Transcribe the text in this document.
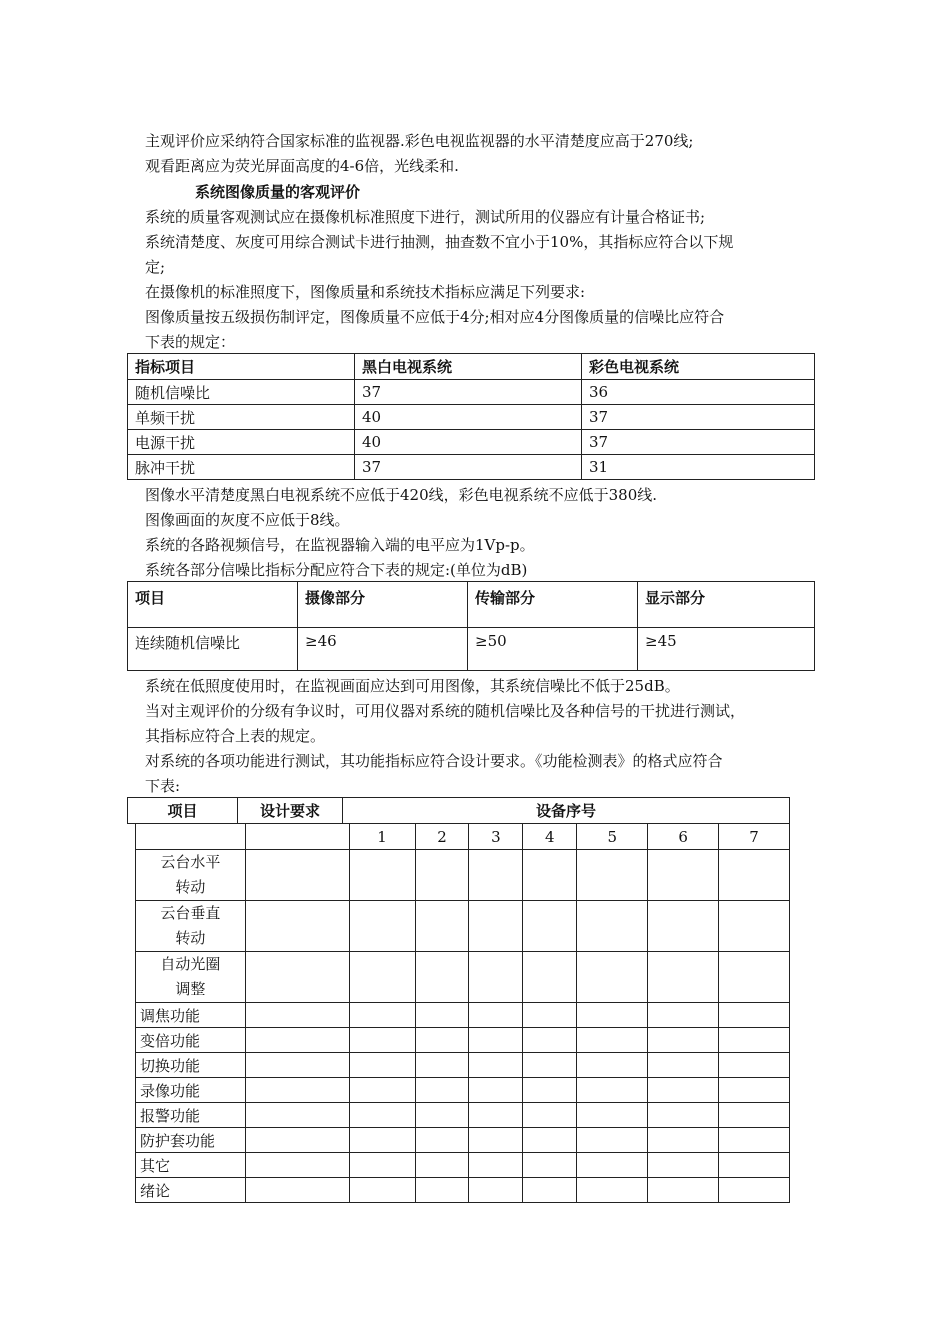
主观评价应采纳符合国家标准的监视器.彩色电视监视器的水平清楚度应高于270线;
观看距离应为荧光屏面高度的4-6倍，光线柔和.
系统图像质量的客观评价
系统的质量客观测试应在摄像机标准照度下进行，测试所用的仪器应有计量合格证书;
系统清楚度、灰度可用综合测试卡进行抽测，抽查数不宜小于10%，其指标应符合以下规
定;
在摄像机的标准照度下，图像质量和系统技术指标应满足下列要求:
图像质量按五级损伤制评定，图像质量不应低于4分;相对应4分图像质量的信噪比应符合
下表的规定：
指标项目	黑白电视系统	彩色电视系统
随机信噪比	37	36
单频干扰	40	37
电源干扰	40	37
脉冲干扰	37	31
图像水平清楚度黑白电视系统不应低于420线，彩色电视系统不应低于380线.
图像画面的灰度不应低于8线。
系统的各路视频信号，在监视器输入端的电平应为1Vp-p。
系统各部分信噪比指标分配应符合下表的规定:(单位为dB)
项目	摄像部分	传输部分	显示部分
连续随机信噪比	≥46	≥50	≥45
系统在低照度使用时，在监视画面应达到可用图像，其系统信噪比不低于25dB。
当对主观评价的分级有争议时，可用仪器对系统的随机信噪比及各种信号的干扰进行测试，
其指标应符合上表的规定。
对系统的各项功能进行测试，其功能指标应符合设计要求。《功能检测表》的格式应符合
下表:
项目	设计要求	设备序号
		1	2	3	4	5	6	7

云台水平
转动								

云台垂直
转动								

自动光圈
调整								

调焦功能								
变倍功能								
切换功能								
录像功能								
报警功能								
防护套功能								
其它								
绪论								
